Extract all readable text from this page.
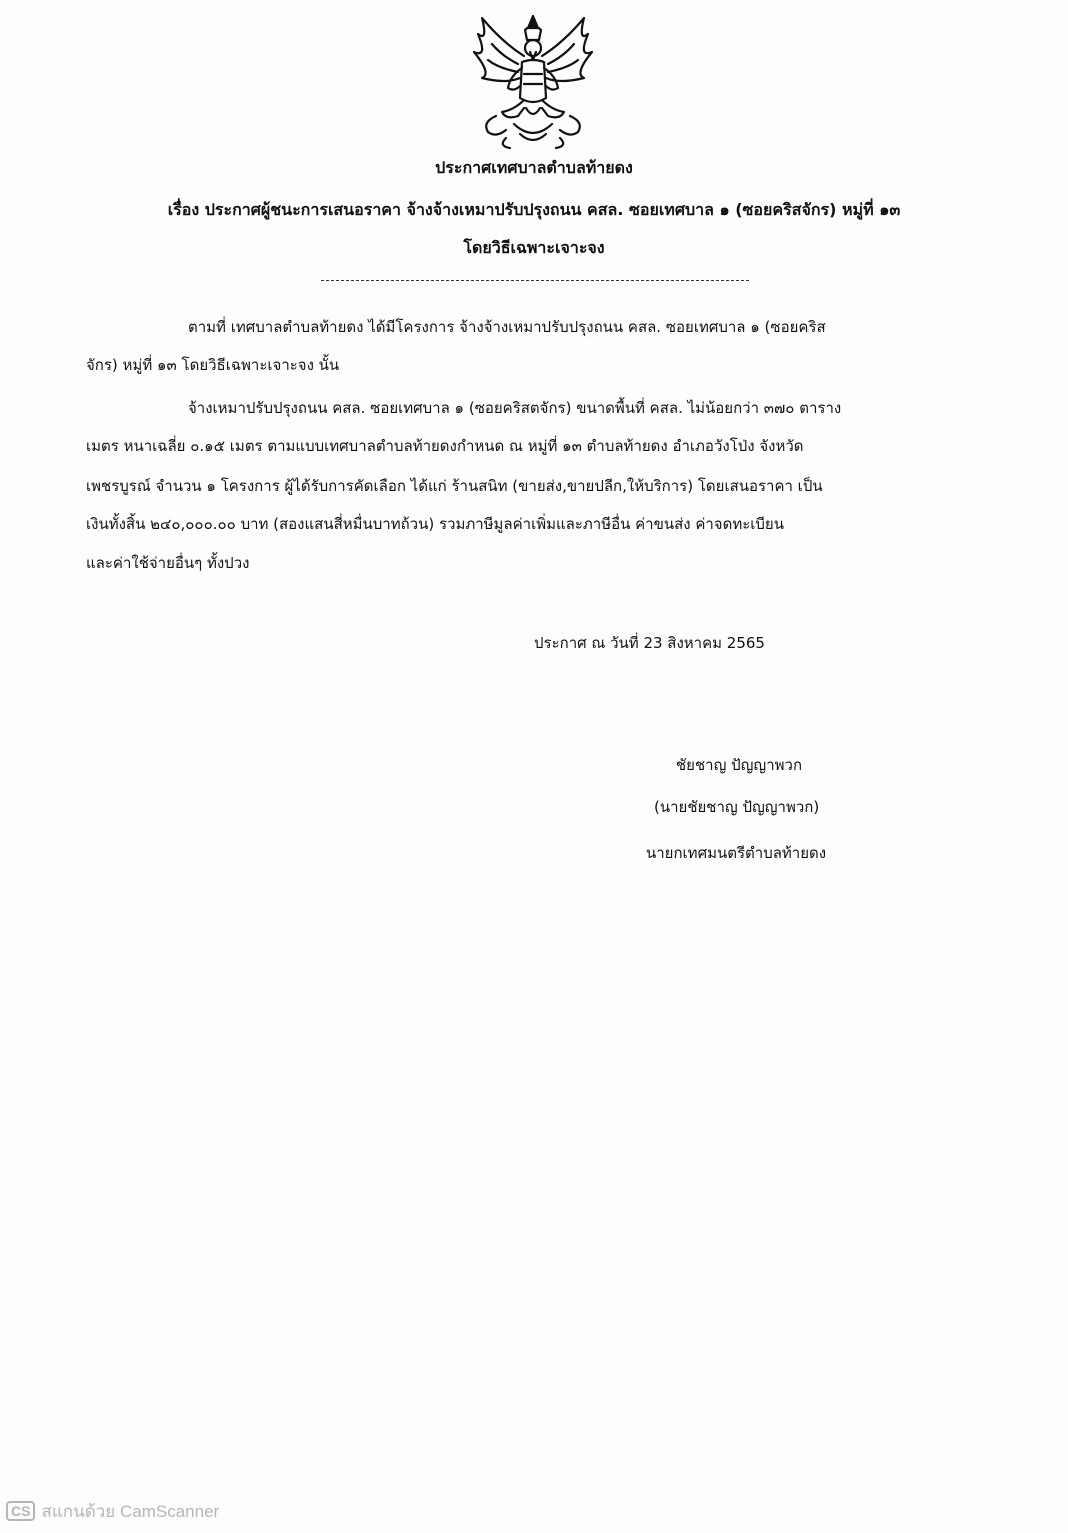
ประกาศเทศบาลตำบลท้ายดง
เรื่อง ประกาศผู้ชนะการเสนอราคา จ้างจ้างเหมาปรับปรุงถนน คสล. ซอยเทศบาล ๑ (ซอยคริสจักร) หมู่ที่ ๑๓
โดยวิธีเฉพาะเจาะจง
ตามที่ เทศบาลตำบลท้ายดง ได้มีโครงการ จ้างจ้างเหมาปรับปรุงถนน คสล. ซอยเทศบาล ๑ (ซอยคริส
จักร) หมู่ที่ ๑๓ โดยวิธีเฉพาะเจาะจง นั้น
จ้างเหมาปรับปรุงถนน คสล. ซอยเทศบาล ๑ (ซอยคริสตจักร) ขนาดพื้นที่ คสล. ไม่น้อยกว่า ๓๗๐ ตาราง
เมตร หนาเฉลี่ย ๐.๑๕ เมตร ตามแบบเทศบาลตำบลท้ายดงกำหนด ณ หมู่ที่ ๑๓ ตำบลท้ายดง อำเภอวังโป่ง จังหวัด
เพชรบูรณ์ จำนวน ๑ โครงการ ผู้ได้รับการคัดเลือก ได้แก่ ร้านสนิท (ขายส่ง,ขายปลีก,ให้บริการ) โดยเสนอราคา เป็น
เงินทั้งสิ้น ๒๔๐,๐๐๐.๐๐ บาท (สองแสนสี่หมื่นบาทถ้วน) รวมภาษีมูลค่าเพิ่มและภาษีอื่น ค่าขนส่ง ค่าจดทะเบียน
และค่าใช้จ่ายอื่นๆ ทั้งปวง
ประกาศ ณ วันที่ 23 สิงหาคม 2565
ชัยชาญ ปัญญาพวก
(นายชัยชาญ ปัญญาพวก)
นายกเทศมนตรีตำบลท้ายดง
CS สแกนด้วย CamScanner
